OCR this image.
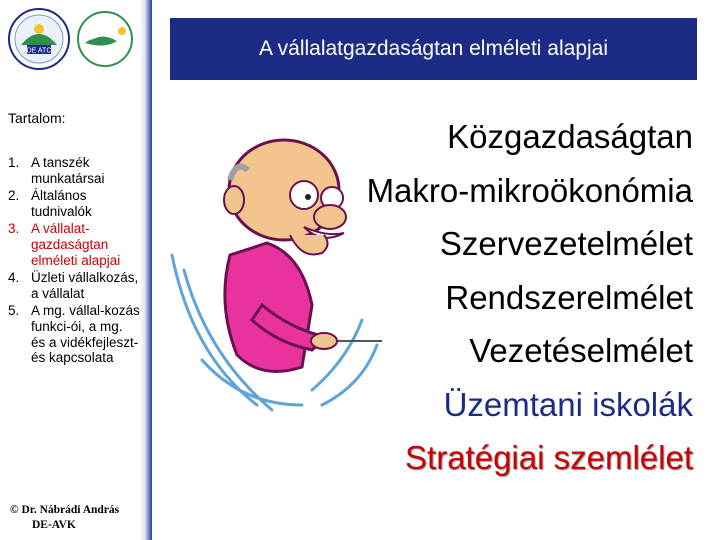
DE ATC
Tartalom:
1. A tanszék munkatársai
2. Általános tudnivalók
3. A vállalat-gazdaságtan elméleti alapjai
4. Üzleti vállalkozás, a vállalat
5. A mg. vállal-kozás funkci-ói, a mg. és a vidékfejleszt-és kapcsolata
© Dr. Nábrádi András
DE-AVK
A vállalatgazdaságtan elméleti alapjai
Közgazdaságtan
Makro-mikroökonómia
Szervezetelmélet
Rendszerelmélet
Vezetéselmélet
Üzemtani iskolák
Stratégiai szemlélet
